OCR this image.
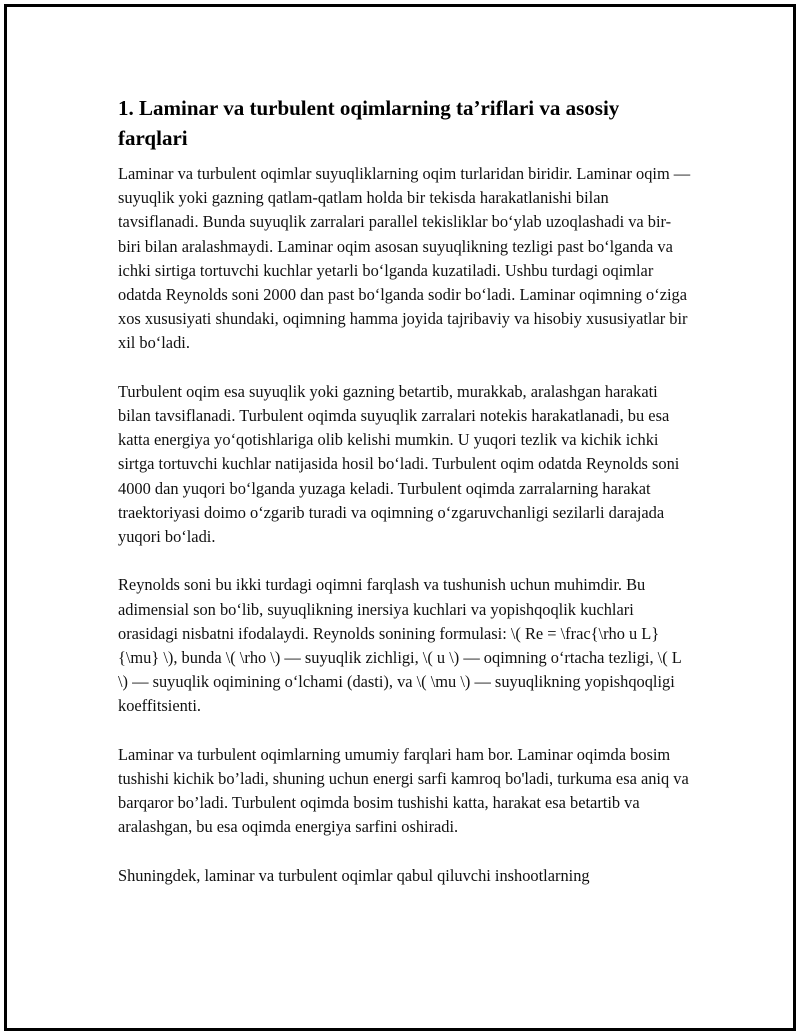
1. Laminar va turbulent oqimlarning ta’riflari va asosiy farqlari

Laminar va turbulent oqimlar suyuqliklarning oqim turlaridan biridir. Laminar oqim — suyuqlik yoki gazning qatlam-qatlam holda bir tekisda harakatlanishi bilan tavsiflanadi. Bunda suyuqlik zarralari parallel tekisliklar bo‘ylab uzoqlashadi va bir-biri bilan aralashmaydi. Laminar oqim asosan suyuqlikning tezligi past bo‘lganda va ichki sirtiga tortuvchi kuchlar yetarli bo‘lganda kuzatiladi. Ushbu turdagi oqimlar odatda Reynolds soni 2000 dan past bo‘lganda sodir bo‘ladi. Laminar oqimning o‘ziga xos xususiyati shundaki, oqimning hamma joyida tajribaviy va hisobiy xususiyatlar bir xil bo‘ladi.

Turbulent oqim esa suyuqlik yoki gazning betartib, murakkab, aralashgan harakati bilan tavsiflanadi. Turbulent oqimda suyuqlik zarralari notekis harakatlanadi, bu esa katta energiya yo‘qotishlariga olib kelishi mumkin. U yuqori tezlik va kichik ichki sirtga tortuvchi kuchlar natijasida hosil bo‘ladi. Turbulent oqim odatda Reynolds soni 4000 dan yuqori bo‘lganda yuzaga keladi. Turbulent oqimda zarralarning harakat traektoriyasi doimo o‘zgarib turadi va oqimning o‘zgaruvchanligi sezilarli darajada yuqori bo‘ladi.

Reynolds soni bu ikki turdagi oqimni farqlash va tushunish uchun muhimdir. Bu adimensial son bo‘lib, suyuqlikning inersiya kuchlari va yopishqoqlik kuchlari orasidagi nisbatni ifodalaydi. Reynolds sonining formulasi: \( Re = \frac{\rho u L}{\mu} \), bunda \( \rho \) — suyuqlik zichligi, \( u \) — oqimning o‘rtacha tezligi, \( L \) — suyuqlik oqimining o‘lchami (dasti), va \( \mu \) — suyuqlikning yopishqoqligi koeffitsienti.

Laminar va turbulent oqimlarning umumiy farqlari ham bor. Laminar oqimda bosim tushishi kichik bo’ladi, shuning uchun energi sarfi kamroq bo'ladi, turkuma esa aniq va barqaror bo’ladi. Turbulent oqimda bosim tushishi katta, harakat esa betartib va aralashgan, bu esa oqimda energiya sarfini oshiradi.

Shuningdek, laminar va turbulent oqimlar qabul qiluvchi inshootlarning
